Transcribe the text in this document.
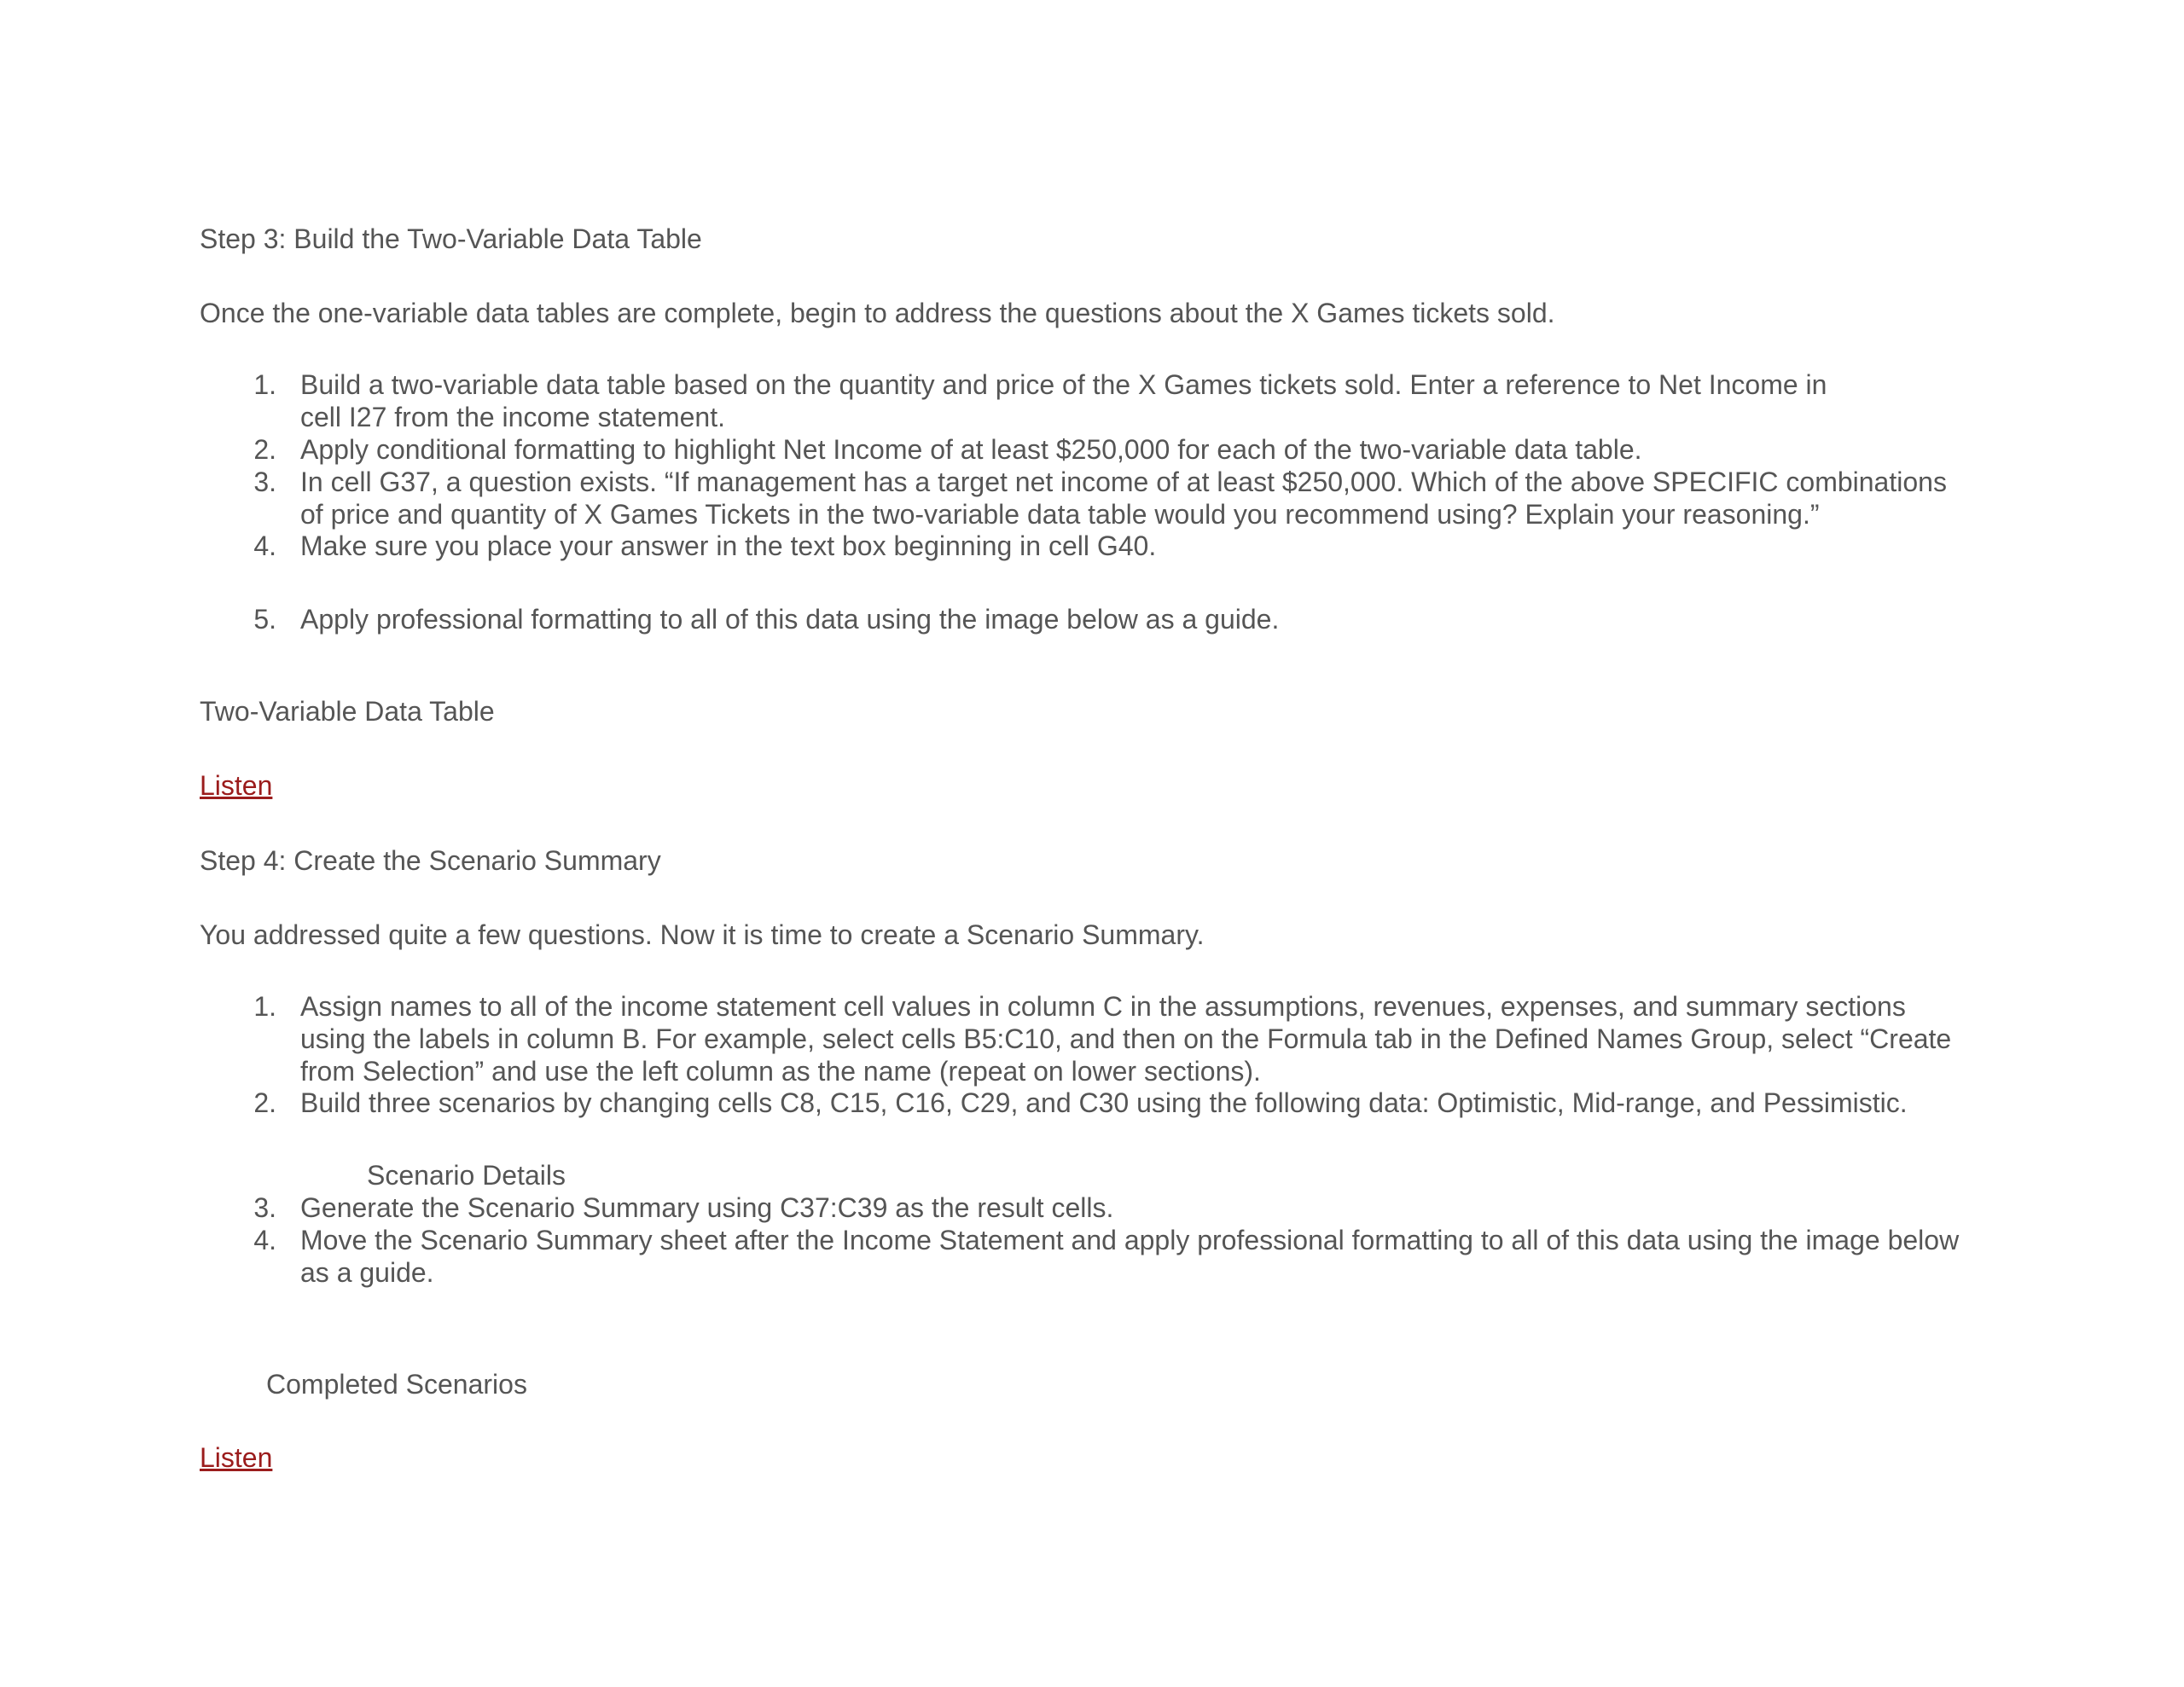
Step 3: Build the Two-Variable Data Table
Once the one-variable data tables are complete, begin to address the questions about the X Games tickets sold.
1. Build a two-variable data table based on the quantity and price of the X Games tickets sold. Enter a reference to Net Income in
cell I27 from the income statement.
2. Apply conditional formatting to highlight Net Income of at least $250,000 for each of the two-variable data table.
3. In cell G37, a question exists. “If management has a target net income of at least $250,000. Which of the above SPECIFIC combinations
of price and quantity of X Games Tickets in the two-variable data table would you recommend using? Explain your reasoning.”
4. Make sure you place your answer in the text box beginning in cell G40.
5. Apply professional formatting to all of this data using the image below as a guide.
Two-Variable Data Table
Listen
Step 4: Create the Scenario Summary
You addressed quite a few questions. Now it is time to create a Scenario Summary.
1. Assign names to all of the income statement cell values in column C in the assumptions, revenues, expenses, and summary sections
using the labels in column B. For example, select cells B5:C10, and then on the Formula tab in the Defined Names Group, select “Create
from Selection” and use the left column as the name (repeat on lower sections).
2. Build three scenarios by changing cells C8, C15, C16, C29, and C30 using the following data: Optimistic, Mid-range, and Pessimistic.
Scenario Details
3. Generate the Scenario Summary using C37:C39 as the result cells.
4. Move the Scenario Summary sheet after the Income Statement and apply professional formatting to all of this data using the image below
as a guide.
Completed Scenarios
Listen
